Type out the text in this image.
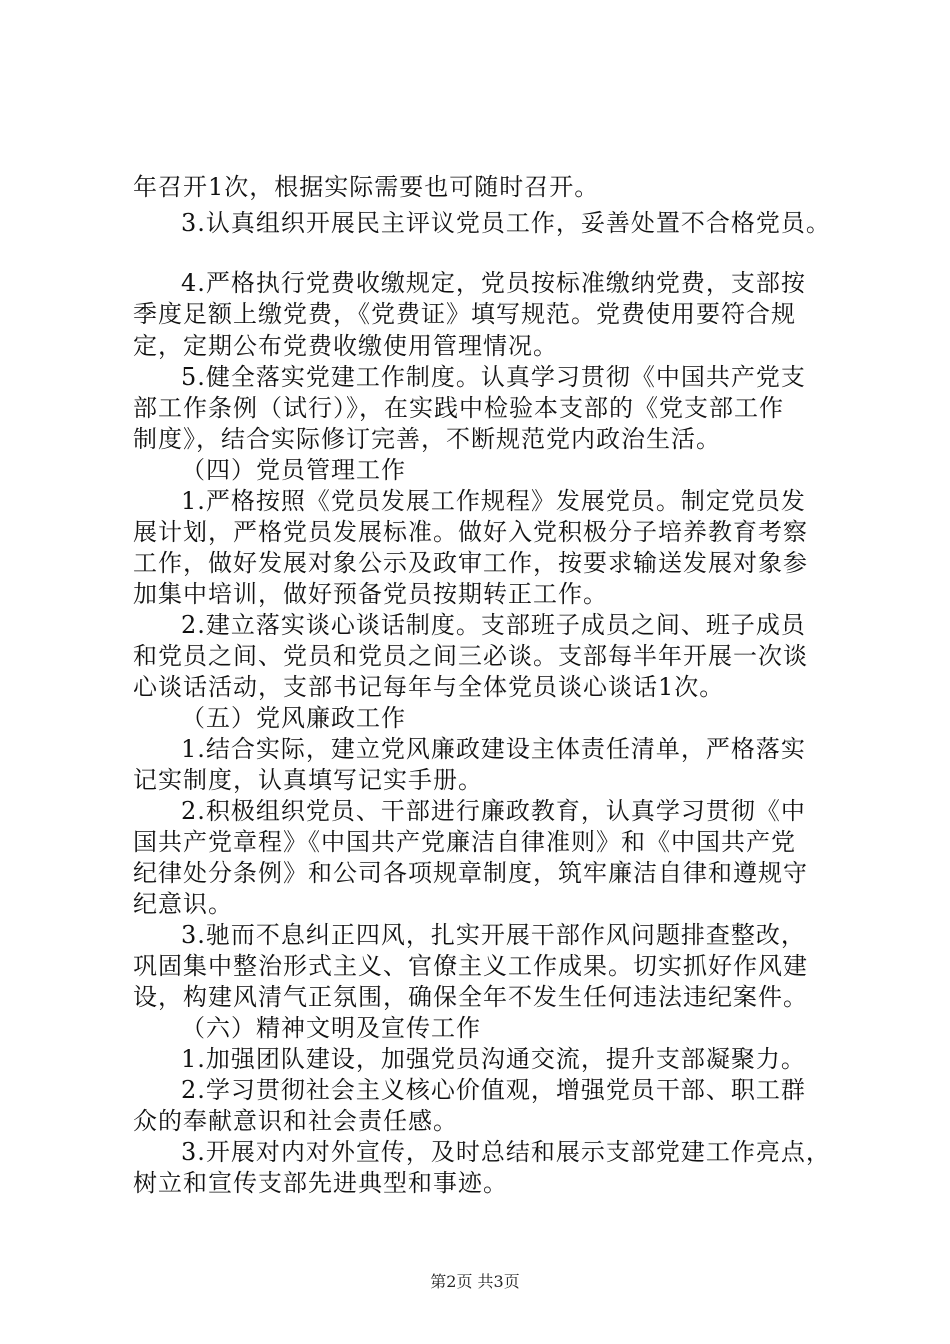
年召开1次，根据实际需要也可随时召开。
3.认真组织开展民主评议党员工作，妥善处置不合格党员。
4.严格执行党费收缴规定，党员按标准缴纳党费，支部按
季度足额上缴党费，《党费证》填写规范。党费使用要符合规
定，定期公布党费收缴使用管理情况。
5.健全落实党建工作制度。认真学习贯彻《中国共产党支
部工作条例（试行）》，在实践中检验本支部的《党支部工作
制度》，结合实际修订完善，不断规范党内政治生活。
（四）党员管理工作
1.严格按照《党员发展工作规程》发展党员。制定党员发
展计划，严格党员发展标准。做好入党积极分子培养教育考察
工作，做好发展对象公示及政审工作，按要求输送发展对象参
加集中培训，做好预备党员按期转正工作。
2.建立落实谈心谈话制度。支部班子成员之间、班子成员
和党员之间、党员和党员之间三必谈。支部每半年开展一次谈
心谈话活动，支部书记每年与全体党员谈心谈话1次。
（五）党风廉政工作
1.结合实际，建立党风廉政建设主体责任清单，严格落实
记实制度，认真填写记实手册。
2.积极组织党员、干部进行廉政教育，认真学习贯彻《中
国共产党章程》《中国共产党廉洁自律准则》和《中国共产党
纪律处分条例》和公司各项规章制度，筑牢廉洁自律和遵规守
纪意识。
3.驰而不息纠正四风，扎实开展干部作风问题排查整改，
巩固集中整治形式主义、官僚主义工作成果。切实抓好作风建
设，构建风清气正氛围，确保全年不发生任何违法违纪案件。
（六）精神文明及宣传工作
1.加强团队建设，加强党员沟通交流，提升支部凝聚力。
2.学习贯彻社会主义核心价值观，增强党员干部、职工群
众的奉献意识和社会责任感。
3.开展对内对外宣传，及时总结和展示支部党建工作亮点，
树立和宣传支部先进典型和事迹。
第2页 共3页
